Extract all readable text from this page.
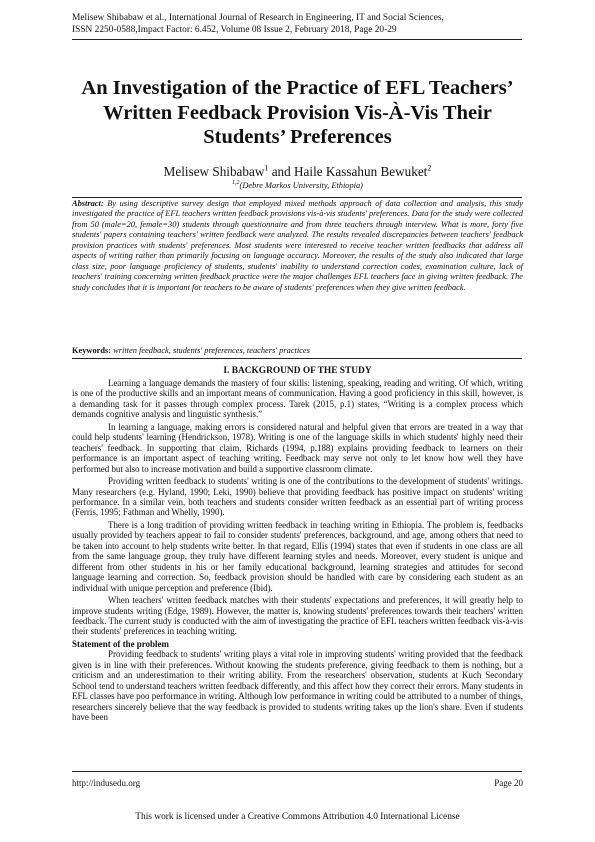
Melisew Shibabaw et al., International Journal of Research in Engineering, IT and Social Sciences,
ISSN 2250-0588,Impact Factor: 6.452, Volume 08 Issue 2, February 2018, Page 20-29
An Investigation of the Practice of EFL Teachers’ Written Feedback Provision Vis-À-Vis Their Students’ Preferences
Melisew Shibabaw$^1$ and Haile Kassahun Bewuket$^2$
$^{1,2}$(Debre Markos University, Ethiopia)
Abstract: By using descriptive survey design that employed mixed methods approach of data collection and analysis, this study investigated the practice of EFL teachers written feedback provisions vis-à-vis students' preferences. Data for the study were collected from 50 (male=20, female=30) students through questionnaire and from three teachers through interview. What is more, forty five students' papers containing teachers' written feedback were analyzed. The results revealed discrepancies between teachers' feedback provision practices with students' preferences. Most students were interested to receive teacher written feedbacks that address all aspects of writing rather than primarily focusing on language accuracy. Moreover, the results of the study also indicated that large class size, poor language proficiency of students, students' inability to understand correction codes, examination culture, lack of teachers' training concerning written feedback practice were the major challenges EFL teachers face in giving written feedback. The study concludes that it is important for teachers to be aware of students' preferences when they give written feedback.
Keywords: written feedback, students' preferences, teachers' practices
I. BACKGROUND OF THE STUDY

Learning a language demands the mastery of four skills: listening, speaking, reading and writing. Of which, writing is one of the productive skills and an important means of communication. Having a good proficiency in this skill, however, is a demanding task for it passes through complex process. Tarek (2015, p.1) states, “Writing is a complex process which demands cognitive analysis and linguistic synthesis.”

In learning a language, making errors is considered natural and helpful given that errors are treated in a way that could help students' learning (Hendrickson, 1978). Writing is one of the language skills in which students' highly need their teachers' feedback. In supporting that claim, Richards (1994, p.188) explains providing feedback to learners on their performance is an important aspect of teaching writing. Feedback may serve not only to let know how well they have performed but also to increase motivation and build a supportive classroom climate.

Providing written feedback to students' writing is one of the contributions to the development of students' writings. Many researchers (e.g. Hyland, 1990; Leki, 1990) believe that providing feedback has positive impact on students' writing performance. In a similar vein, both teachers and students consider written feedback as an essential part of writing process (Ferris, 1995; Fathman and Whelly, 1990).

There is a long tradition of providing written feedback in teaching writing in Ethiopia. The problem is, feedbacks usually provided by teachers appear to fail to consider students' preferences, background, and age, among others that need to be taken into account to help students write better. In that regard, Ellis (1994) states that even if students in one class are all from the same language group, they truly have different learning styles and needs. Moreover, every student is unique and different from other students in his or her family educational background, learning strategies and attitudes for second language learning and correction. So, feedback provision should be handled with care by considering each student as an individual with unique perception and preference (Ibid).

When teachers' written feedback matches with their students' expectations and preferences, it will greatly help to improve students writing (Edge, 1989). However, the matter is, knowing students' preferences towards their teachers' written feedback. The current study is conducted with the aim of investigating the practice of EFL teachers written feedback vis-à-vis their students' preferences in teaching writing.

Statement of the problem

Providing feedback to students' writing plays a vital role in improving students' writing provided that the feedback given is in line with their preferences. Without knowing the students preference, giving feedback to them is nothing, but a criticism and an underestimation to their writing ability. From the researchers' observation, students at Kuch Secondary School tend to understand teachers written feedback differently, and this affect how they correct their errors. Many students in EFL classes have poo performance in writing. Although low performance in writing could be attributed to a number of things, researchers sincerely believe that the way feedback is provided to students writing takes up the lion's share. Even if students have been

http://indusedu.org	Page 20
This work is licensed under a Creative Commons Attribution 4.0 International License
